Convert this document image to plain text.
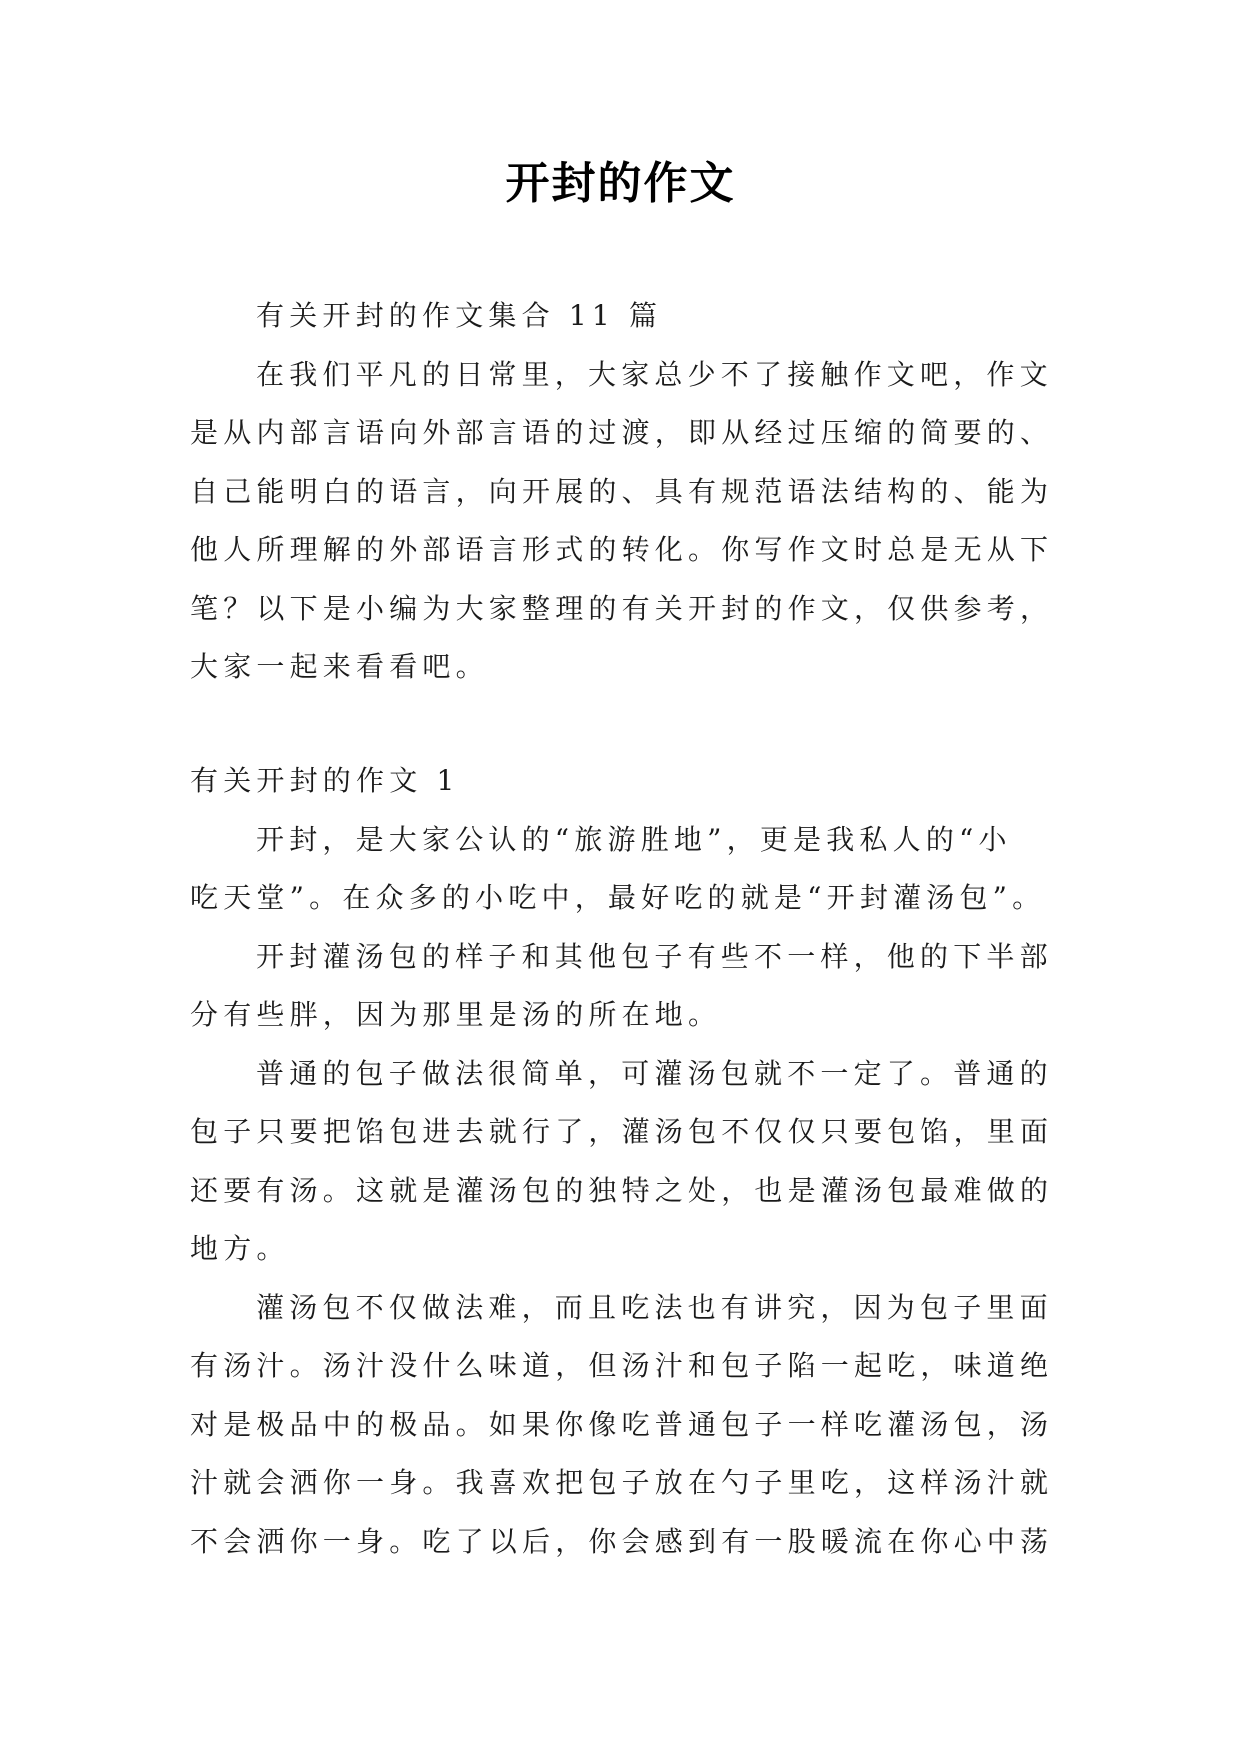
开封的作文
有关开封的作文集合 11 篇
在我们平凡的日常里，大家总少不了接触作文吧，作文
是从内部言语向外部言语的过渡，即从经过压缩的简要的、
自己能明白的语言，向开展的、具有规范语法结构的、能为
他人所理解的外部语言形式的转化。你写作文时总是无从下
笔？以下是小编为大家整理的有关开封的作文，仅供参考，
大家一起来看看吧。
有关开封的作文 1
开封，是大家公认的“旅游胜地”，更是我私人的“小
吃天堂”。在众多的小吃中，最好吃的就是“开封灌汤包”。
开封灌汤包的样子和其他包子有些不一样，他的下半部
分有些胖，因为那里是汤的所在地。
普通的包子做法很简单，可灌汤包就不一定了。普通的
包子只要把馅包进去就行了，灌汤包不仅仅只要包馅，里面
还要有汤。这就是灌汤包的独特之处，也是灌汤包最难做的
地方。
灌汤包不仅做法难，而且吃法也有讲究，因为包子里面
有汤汁。汤汁没什么味道，但汤汁和包子陷一起吃，味道绝
对是极品中的极品。如果你像吃普通包子一样吃灌汤包，汤
汁就会洒你一身。我喜欢把包子放在勺子里吃，这样汤汁就
不会洒你一身。吃了以后，你会感到有一股暖流在你心中荡
